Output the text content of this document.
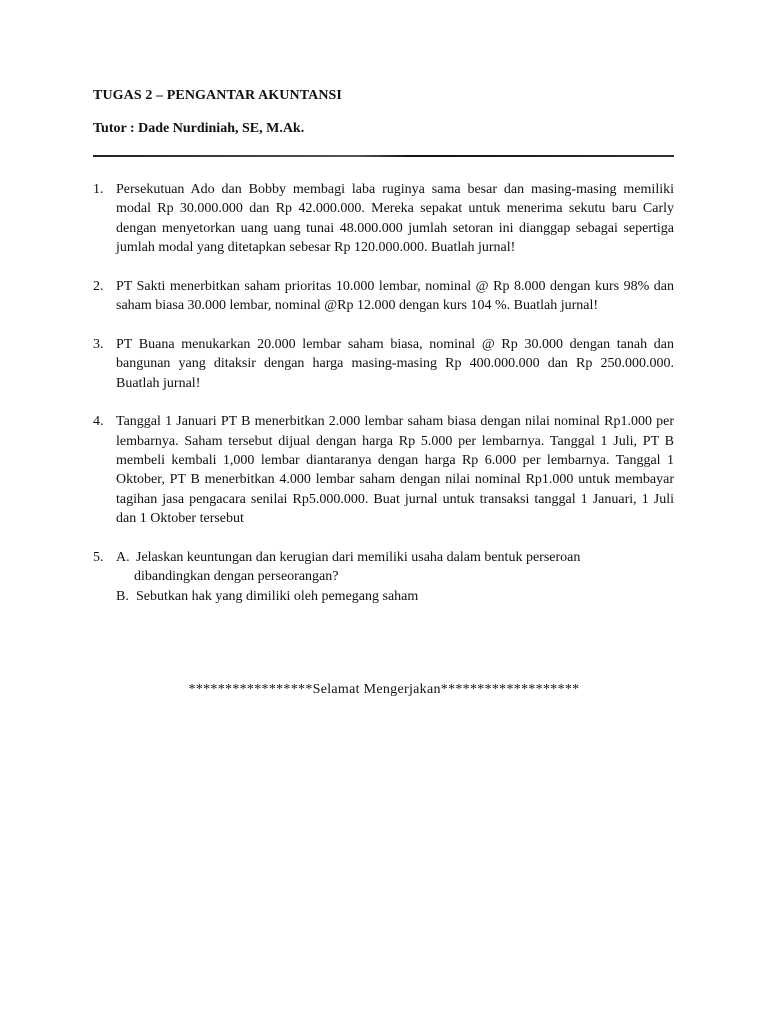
TUGAS 2 – PENGANTAR AKUNTANSI
Tutor : Dade Nurdiniah, SE, M.Ak.
1. Persekutuan Ado dan Bobby membagi laba ruginya sama besar dan masing-masing memiliki modal Rp 30.000.000 dan Rp 42.000.000. Mereka sepakat untuk menerima sekutu baru Carly dengan menyetorkan uang uang tunai 48.000.000 jumlah setoran ini dianggap sebagai sepertiga jumlah modal yang ditetapkan sebesar Rp 120.000.000. Buatlah jurnal!
2. PT Sakti menerbitkan saham prioritas 10.000 lembar, nominal @ Rp 8.000 dengan kurs 98% dan saham biasa 30.000 lembar, nominal @Rp 12.000 dengan kurs 104 %. Buatlah jurnal!
3. PT Buana menukarkan 20.000 lembar saham biasa, nominal @ Rp 30.000 dengan tanah dan bangunan yang ditaksir dengan harga masing-masing Rp 400.000.000 dan Rp 250.000.000. Buatlah jurnal!
4. Tanggal 1 Januari PT B menerbitkan 2.000 lembar saham biasa dengan nilai nominal Rp1.000 per lembarnya. Saham tersebut dijual dengan harga Rp 5.000 per lembarnya. Tanggal 1 Juli, PT B membeli kembali 1,000 lembar diantaranya dengan harga Rp 6.000 per lembarnya. Tanggal 1 Oktober, PT B menerbitkan 4.000 lembar saham dengan nilai nominal Rp1.000 untuk membayar tagihan jasa pengacara senilai Rp5.000.000. Buat jurnal untuk transaksi tanggal 1 Januari, 1 Juli dan 1 Oktober tersebut
5. A. Jelaskan keuntungan dan kerugian dari memiliki usaha dalam bentuk perseroan
dibandingkan dengan perseorangan?
B. Sebutkan hak yang dimiliki oleh pemegang saham
*****************Selamat Mengerjakan*******************
